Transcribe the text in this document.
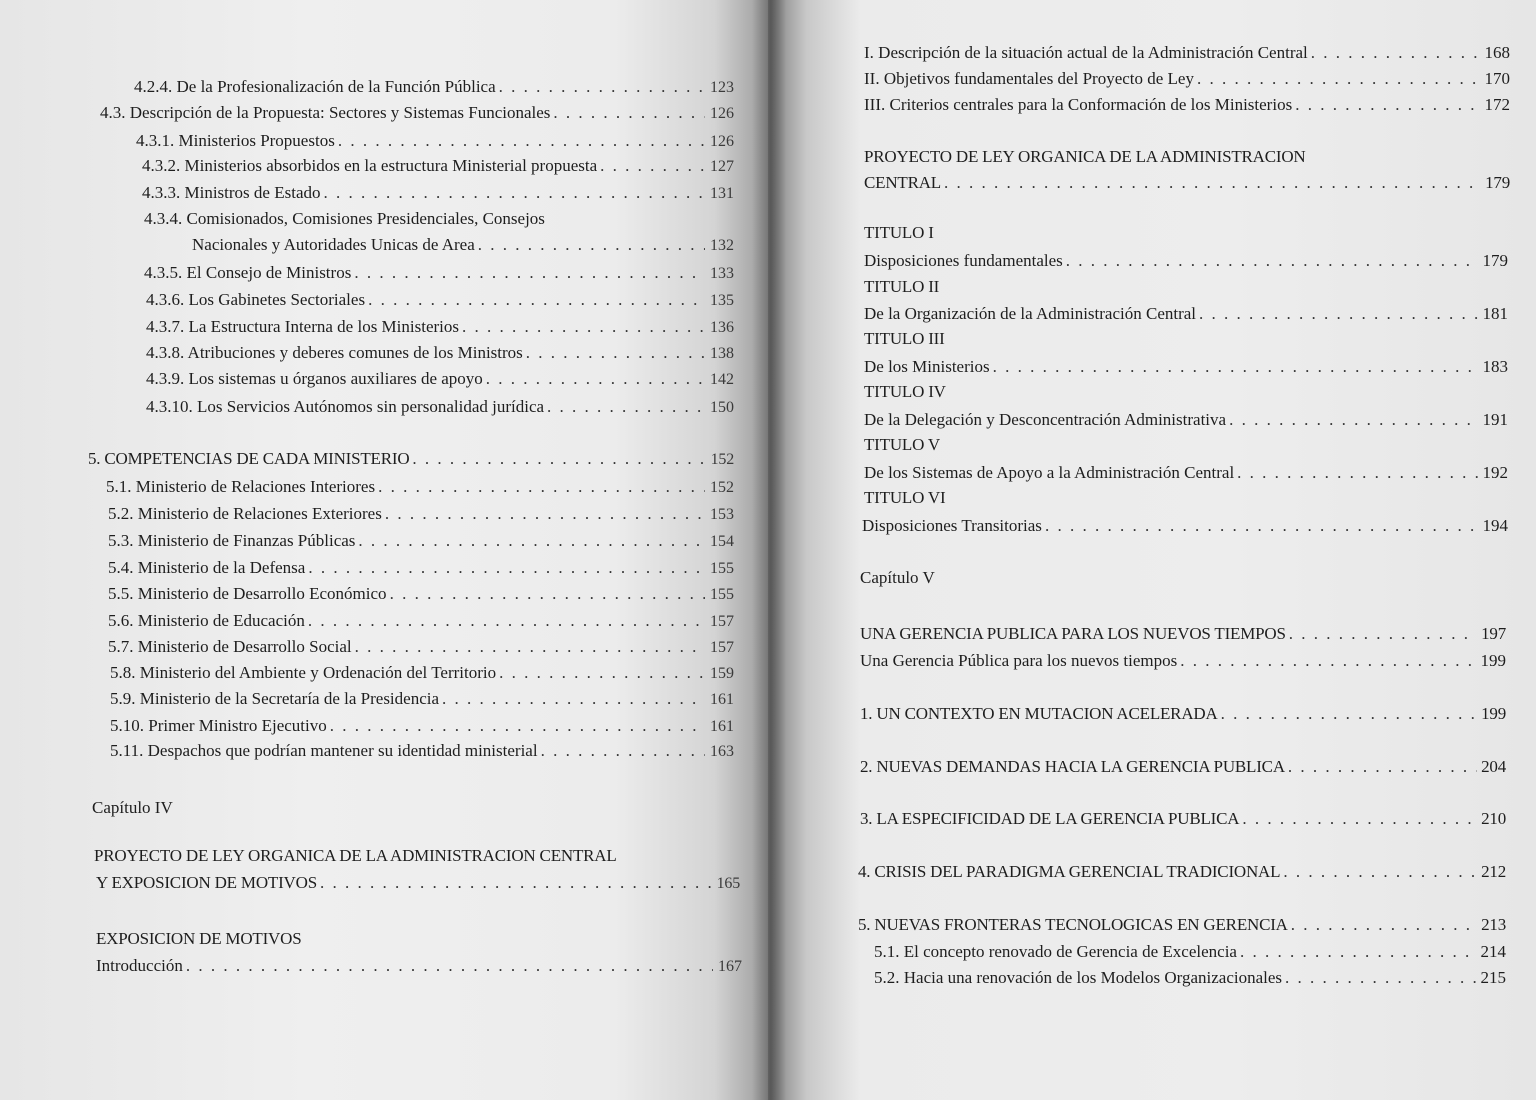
4.2.4. De la Profesionalización de la Función Pública . . .	123
4.3. Descripción de la Propuesta: Sectores y Sistemas Funcionales . . .	126
4.3.1. Ministerios Propuestos . . .	126
4.3.2. Ministerios absorbidos en la estructura Ministerial propuesta . . .	127
4.3.3. Ministros de Estado . . .	131
4.3.4. Comisionados, Comisiones Presidenciales, Consejos
Nacionales y Autoridades Unicas de Area . . .	132
4.3.5. El Consejo de Ministros . . .	133
4.3.6. Los Gabinetes Sectoriales . . .	135
4.3.7. La Estructura Interna de los Ministerios . . .	136
4.3.8. Atribuciones y deberes comunes de los Ministros . . .	138
4.3.9. Los sistemas u órganos auxiliares de apoyo . . .	142
4.3.10. Los Servicios Autónomos sin personalidad jurídica . . .	150
5. COMPETENCIAS DE CADA MINISTERIO . . .	152
5.1. Ministerio de Relaciones Interiores . . .	152
5.2. Ministerio de Relaciones Exteriores . . .	153
5.3. Ministerio de Finanzas Públicas . . .	154
5.4. Ministerio de la Defensa . . .	155
5.5. Ministerio de Desarrollo Económico . . .	155
5.6. Ministerio de Educación . . .	157
5.7. Ministerio de Desarrollo Social . . .	157
5.8. Ministerio del Ambiente y Ordenación del Territorio . . .	159
5.9. Ministerio de la Secretaría de la Presidencia . . .	161
5.10. Primer Ministro Ejecutivo . . .	161
5.11. Despachos que podrían mantener su identidad ministerial . . .	163
Capítulo IV
PROYECTO DE LEY ORGANICA DE LA ADMINISTRACION CENTRAL
Y EXPOSICION DE MOTIVOS . . .	165
EXPOSICION DE MOTIVOS
Introducción . . .	167
I. Descripción de la situación actual de la Administración Central . . .	168
II. Objetivos fundamentales del Proyecto de Ley . . .	170
III. Criterios centrales para la Conformación de los Ministerios . . .	172
PROYECTO DE LEY ORGANICA DE LA ADMINISTRACION
CENTRAL . . .	179
TITULO I
Disposiciones fundamentales . . .	179
TITULO II
De la Organización de la Administración Central . . .	181
TITULO III
De los Ministerios . . .	183
TITULO IV
De la Delegación y Desconcentración Administrativa . . .	191
TITULO V
De los Sistemas de Apoyo a la Administración Central . . .	192
TITULO VI
Disposiciones Transitorias . . .	194
Capítulo V
UNA GERENCIA PUBLICA PARA LOS NUEVOS TIEMPOS . . .	197
Una Gerencia Pública para los nuevos tiempos . . .	199
1. UN CONTEXTO EN MUTACION ACELERADA . . .	199
2. NUEVAS DEMANDAS HACIA LA GERENCIA PUBLICA . . .	204
3. LA ESPECIFICIDAD DE LA GERENCIA PUBLICA . . .	210
4. CRISIS DEL PARADIGMA GERENCIAL TRADICIONAL . . .	212
5. NUEVAS FRONTERAS TECNOLOGICAS EN GERENCIA . . .	213
5.1. El concepto renovado de Gerencia de Excelencia . . .	214
5.2. Hacia una renovación de los Modelos Organizacionales . . .	215
